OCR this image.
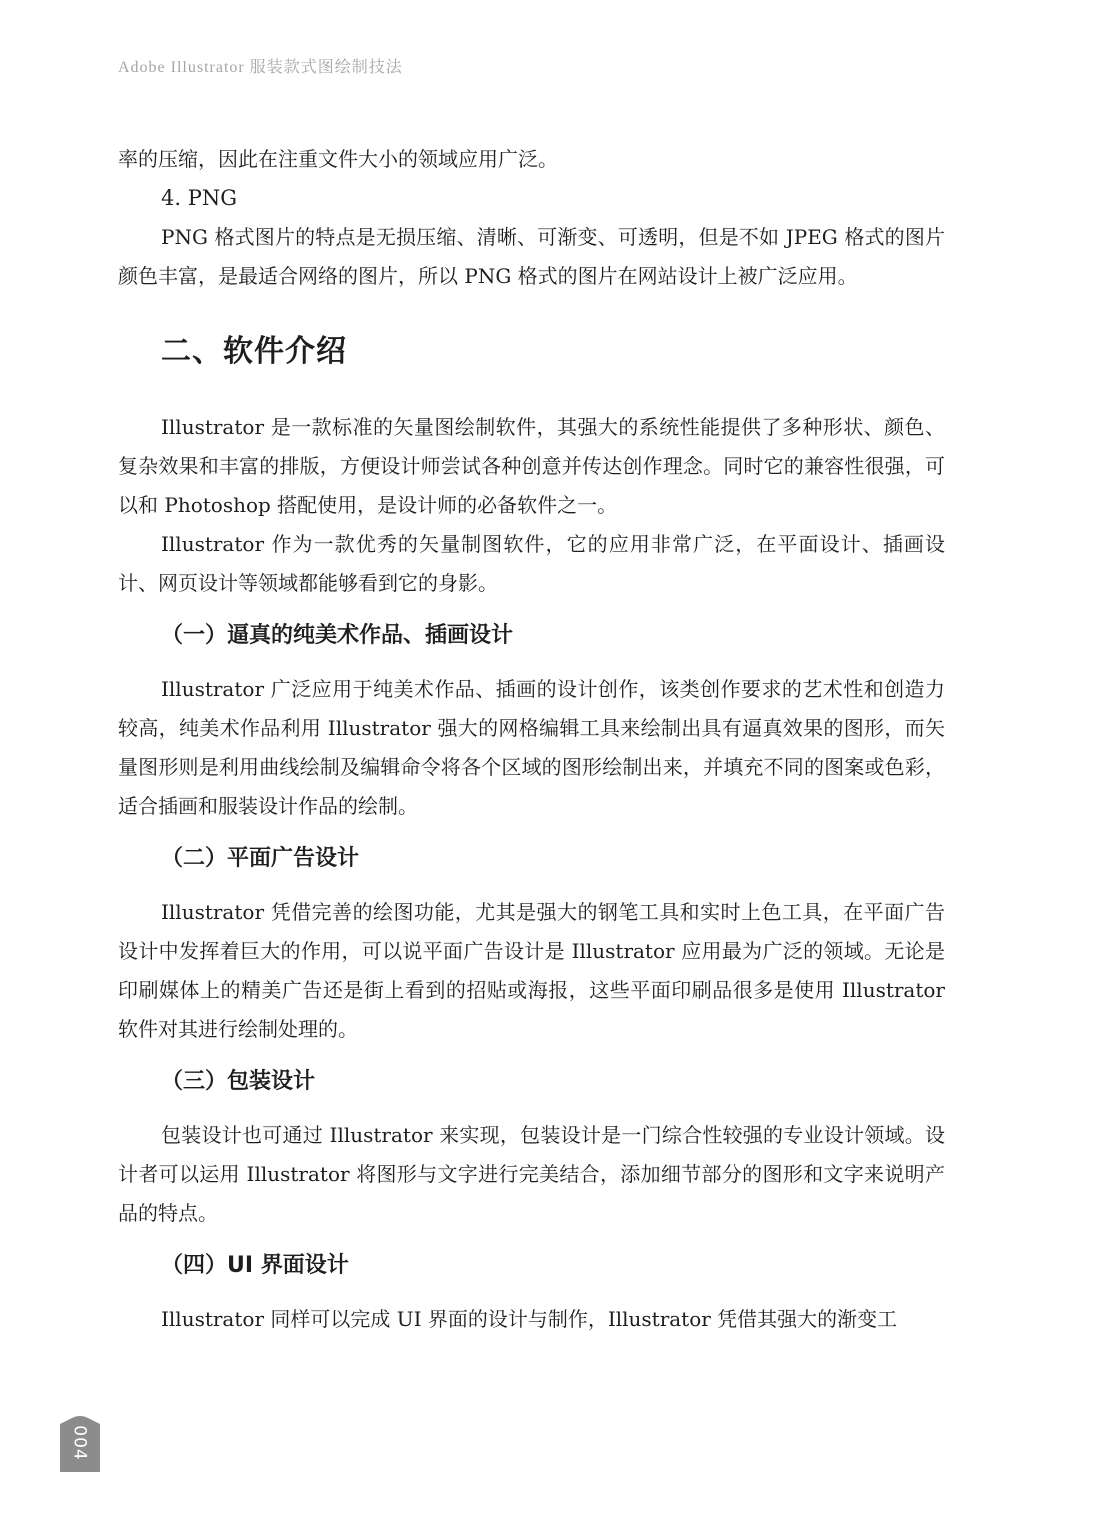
Adobe Illustrator 服装款式图绘制技法

率的压缩，因此在注重文件大小的领域应用广泛。

4. PNG

PNG 格式图片的特点是无损压缩、清晰、可渐变、可透明，但是不如 JPEG 格式的图片颜色丰富，是最适合网络的图片，所以 PNG 格式的图片在网站设计上被广泛应用。

二、软件介绍

Illustrator 是一款标准的矢量图绘制软件，其强大的系统性能提供了多种形状、颜色、复杂效果和丰富的排版，方便设计师尝试各种创意并传达创作理念。同时它的兼容性很强，可以和 Photoshop 搭配使用，是设计师的必备软件之一。

Illustrator 作为一款优秀的矢量制图软件，它的应用非常广泛，在平面设计、插画设计、网页设计等领域都能够看到它的身影。

（一）逼真的纯美术作品、插画设计

Illustrator 广泛应用于纯美术作品、插画的设计创作，该类创作要求的艺术性和创造力较高，纯美术作品利用 Illustrator 强大的网格编辑工具来绘制出具有逼真效果的图形，而矢量图形则是利用曲线绘制及编辑命令将各个区域的图形绘制出来，并填充不同的图案或色彩，适合插画和服装设计作品的绘制。

（二）平面广告设计

Illustrator 凭借完善的绘图功能，尤其是强大的钢笔工具和实时上色工具，在平面广告设计中发挥着巨大的作用，可以说平面广告设计是 Illustrator 应用最为广泛的领域。无论是印刷媒体上的精美广告还是街上看到的招贴或海报，这些平面印刷品很多是使用 Illustrator 软件对其进行绘制处理的。

（三）包装设计

包装设计也可通过 Illustrator 来实现，包装设计是一门综合性较强的专业设计领域。设计者可以运用 Illustrator 将图形与文字进行完美结合，添加细节部分的图形和文字来说明产品的特点。

（四）UI 界面设计

Illustrator 同样可以完成 UI 界面的设计与制作，Illustrator 凭借其强大的渐变工

004
